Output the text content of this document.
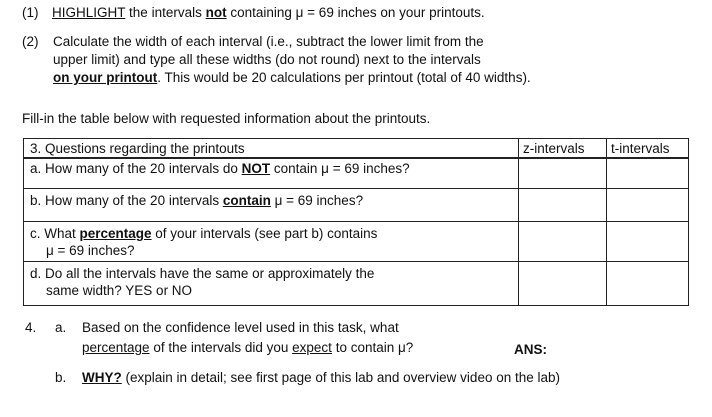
(1) HIGHLIGHT the intervals not containing μ = 69 inches on your printouts.
(2) Calculate the width of each interval (i.e., subtract the lower limit from the
upper limit) and type all these widths (do not round) next to the intervals
on your printout. This would be 20 calculations per printout (total of 40 widths).
Fill-in the table below with requested information about the printouts.
3. Questions regarding the printouts	z-intervals	t-intervals
a. How many of the 20 intervals do NOT contain μ = 69 inches?		
b. How many of the 20 intervals contain μ = 69 inches?		

c. What percentage of your intervals (see part b) contains
μ = 69 inches?		

d. Do all the intervals have the same or approximately the
same width? YES or NO		

4. a. Based on the confidence level used in this task, what
percentage of the intervals did you expect to contain μ?	ANS:
b. WHY? (explain in detail; see first page of this lab and overview video on the lab)
